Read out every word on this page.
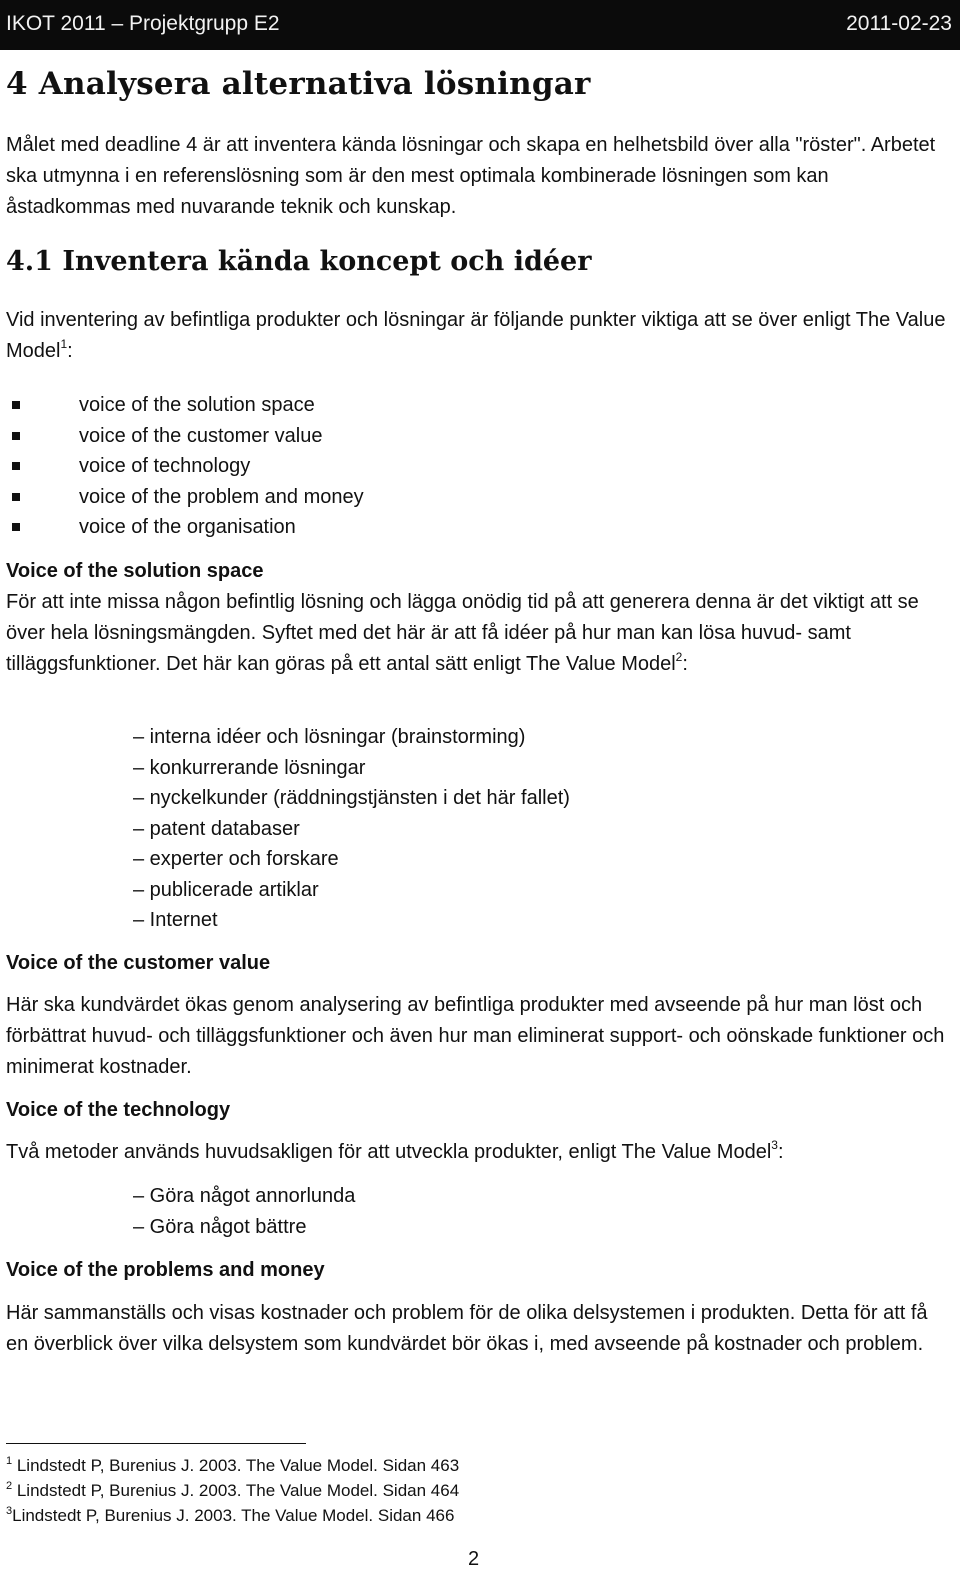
IKOT 2011 – Projektgrupp E2	2011-02-23
4 Analysera alternativa lösningar
Målet med deadline 4 är att inventera kända lösningar och skapa en helhetsbild över alla "röster". Arbetet ska utmynna i en referenslösning som är den mest optimala kombinerade lösningen som kan åstadkommas med nuvarande teknik och kunskap.
4.1 Inventera kända koncept och idéer
Vid inventering av befintliga produkter och lösningar är följande punkter viktiga att se över enligt The Value Model$^1$:
voice of the solution space
voice of the customer value
voice of technology
voice of the problem and money
voice of the organisation
Voice of the solution space
För att inte missa någon befintlig lösning och lägga onödig tid på att generera denna är det viktigt att se över hela lösningsmängden. Syftet med det här är att få idéer på hur man kan lösa huvud- samt tilläggsfunktioner. Det här kan göras på ett antal sätt enligt The Value Model$^2$:
– interna idéer och lösningar (brainstorming)
– konkurrerande lösningar
– nyckelkunder (räddningstjänsten i det här fallet)
– patent databaser
– experter och forskare
– publicerade artiklar
– Internet
Voice of the customer value
Här ska kundvärdet ökas genom analysering av befintliga produkter med avseende på hur man löst och förbättrat huvud- och tilläggsfunktioner och även hur man eliminerat support- och oönskade funktioner och minimerat kostnader.
Voice of the technology
Två metoder används huvudsakligen för att utveckla produkter, enligt The Value Model$^3$:
– Göra något annorlunda
– Göra något bättre
Voice of the problems and money
Här sammanställs och visas kostnader och problem för de olika delsystemen i produkten. Detta för att få en överblick över vilka delsystem som kundvärdet bör ökas i, med avseende på kostnader och problem.
$^1$ Lindstedt P, Burenius J. 2003. The Value Model. Sidan 463
$^2$ Lindstedt P, Burenius J. 2003. The Value Model. Sidan 464
$^3$Lindstedt P, Burenius J. 2003. The Value Model. Sidan 466
2
